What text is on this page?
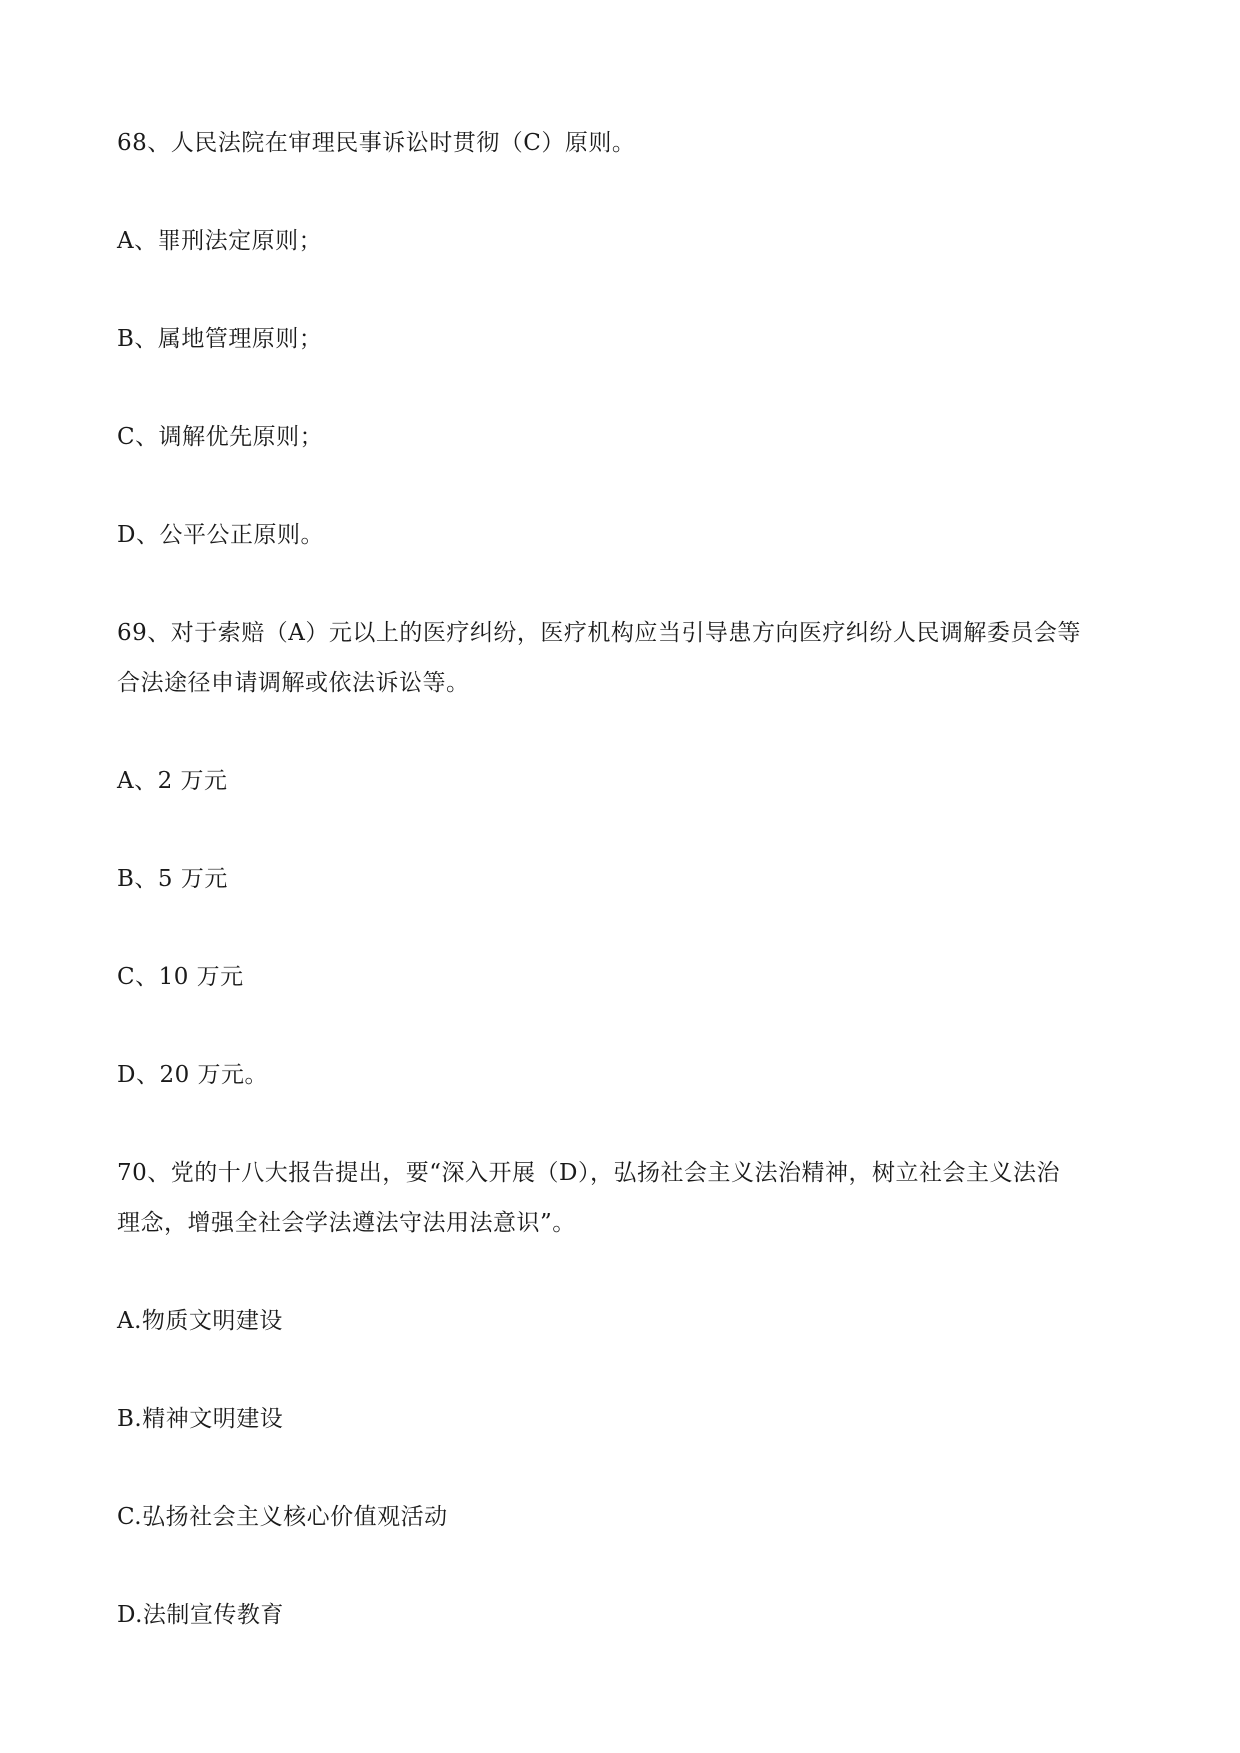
68、人民法院在审理民事诉讼时贯彻（C）原则。
A、罪刑法定原则；
B、属地管理原则；
C、调解优先原则；
D、公平公正原则。
69、对于索赔（A）元以上的医疗纠纷，医疗机构应当引导患方向医疗纠纷人民调解委员会等
合法途径申请调解或依法诉讼等。
A、2 万元
B、5 万元
C、10 万元
D、20 万元。
70、党的十八大报告提出，要“深入开展（D），弘扬社会主义法治精神，树立社会主义法治
理念，增强全社会学法遵法守法用法意识”。
A.物质文明建设
B.精神文明建设
C.弘扬社会主义核心价值观活动
D.法制宣传教育
